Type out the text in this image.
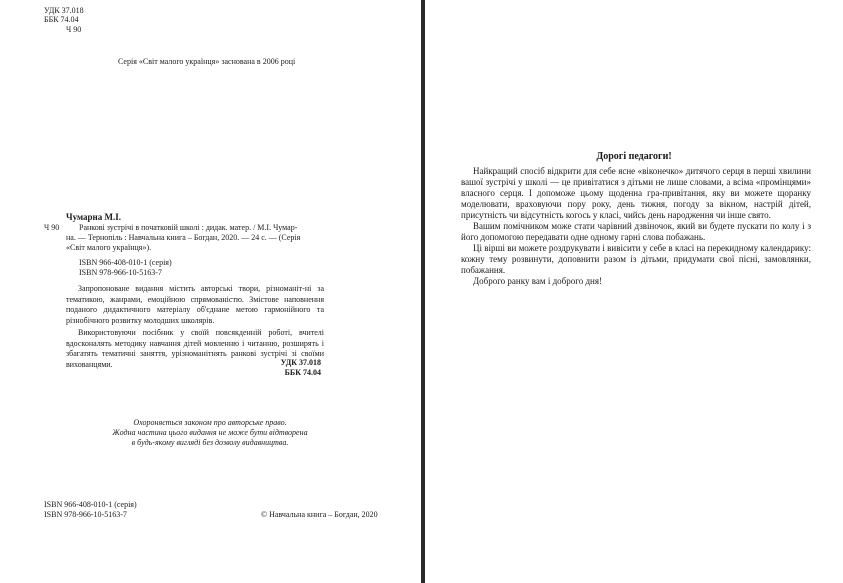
УДК 37.018
ББК 74.04
Ч 90
Серія «Світ малого українця» заснована в 2006 році
Чумарна М.І.
Ч 90 Ранкові зустрічі в початковій школі : дидак. матер. / М.І. Чумар-
на. — Тернопіль : Навчальна книга – Богдан, 2020. — 24 с. — (Серія
«Світ малого українця»).
ISBN 966-408-010-1 (серія)
ISBN 978-966-10-5163-7

Запропоноване видання містить авторські твори, різноманіт-ні за тематикою, жанрами, емоційною спрямованістю. Змістове наповнення поданого дидактичного матеріалу об'єднане метою гармонійного та різнобічного розвитку молодших школярів.

Використовуючи посібник у своїй повсякденній роботі, вчителі вдосконалять методику навчання дітей мовленню і читанню, розширять і збагатять тематичні заняття, урізноманітнять ранкові зустрічі зі своїми вихованцями.	УДК 37.018
ББК 74.04
Охороняється законом про авторське право.
Жодна частина цього видання не може бути відтворена
в будь-якому вигляді без дозволу видавництва.
ISBN 966-408-010-1 (серія)
ISBN 978-966-10-5163-7	© Навчальна книга – Богдан, 2020
Дорогі педагоги!

Найкращий спосіб відкрити для себе ясне «віконечко» дитячого серця в перші хвилини вашої зустрічі у школі — це привітатися з дітьми не лише словами, а всіма «промінцями» власного серця. І допоможе цьому щоденна гра-привітання, яку ви можете щоранку моделювати, враховуючи пору року, день тижня, погоду за вікном, настрій дітей, присутність чи відсутність когось у класі, чийсь день народження чи інше свято.

Вашим помічником може стати чарівний дзвіночок, який ви будете пускати по колу і з його допомогою передавати одне одному гарні слова побажань.

Ці вірші ви можете роздрукувати і вивісити у себе в класі на перекидному календарику: кожну тему розвинути, доповнити разом із дітьми, придумати свої пісні, замовлянки, побажання.

Доброго ранку вам і доброго дня!
